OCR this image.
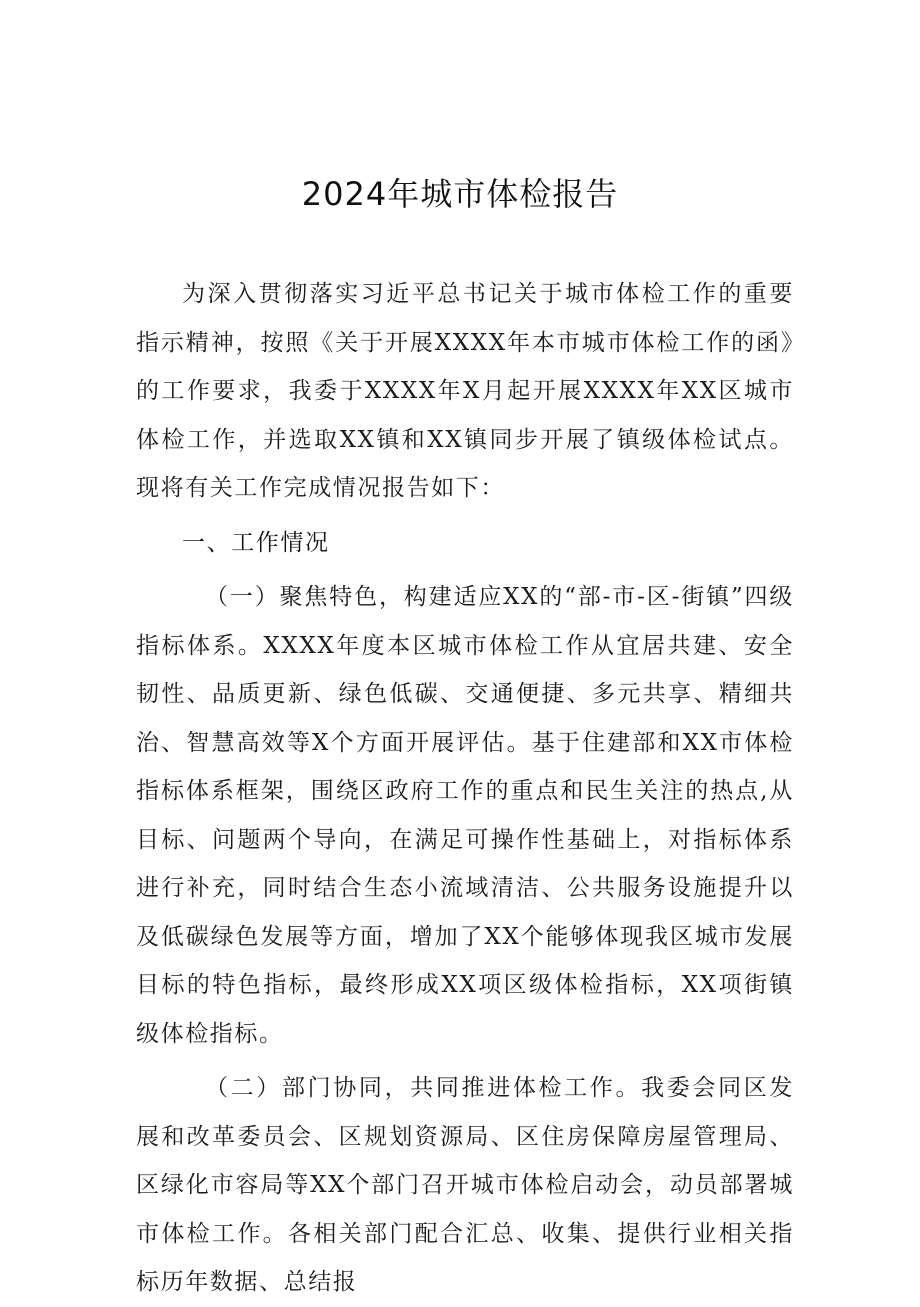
2024年城市体检报告

为深入贯彻落实习近平总书记关于城市体检工作的重要指示精神，按照《关于开展XXXX年本市城市体检工作的函》的工作要求，我委于XXXX年X月起开展XXXX年XX区城市体检工作，并选取XX镇和XX镇同步开展了镇级体检试点。现将有关工作完成情况报告如下：

一、工作情况

（一）聚焦特色，构建适应XX的“部-市-区-街镇”四级指标体系。XXXX年度本区城市体检工作从宜居共建、安全韧性、品质更新、绿色低碳、交通便捷、多元共享、精细共治、智慧高效等X个方面开展评估。基于住建部和XX市体检指标体系框架，围绕区政府工作的重点和民生关注的热点,从目标、问题两个导向，在满足可操作性基础上，对指标体系进行补充，同时结合生态小流域清洁、公共服务设施提升以及低碳绿色发展等方面，增加了XX个能够体现我区城市发展目标的特色指标，最终形成XX项区级体检指标，XX项街镇级体检指标。

（二）部门协同，共同推进体检工作。我委会同区发展和改革委员会、区规划资源局、区住房保障房屋管理局、区绿化市容局等XX个部门召开城市体检启动会，动员部署城市体检工作。各相关部门配合汇总、收集、提供行业相关指标历年数据、总结报
